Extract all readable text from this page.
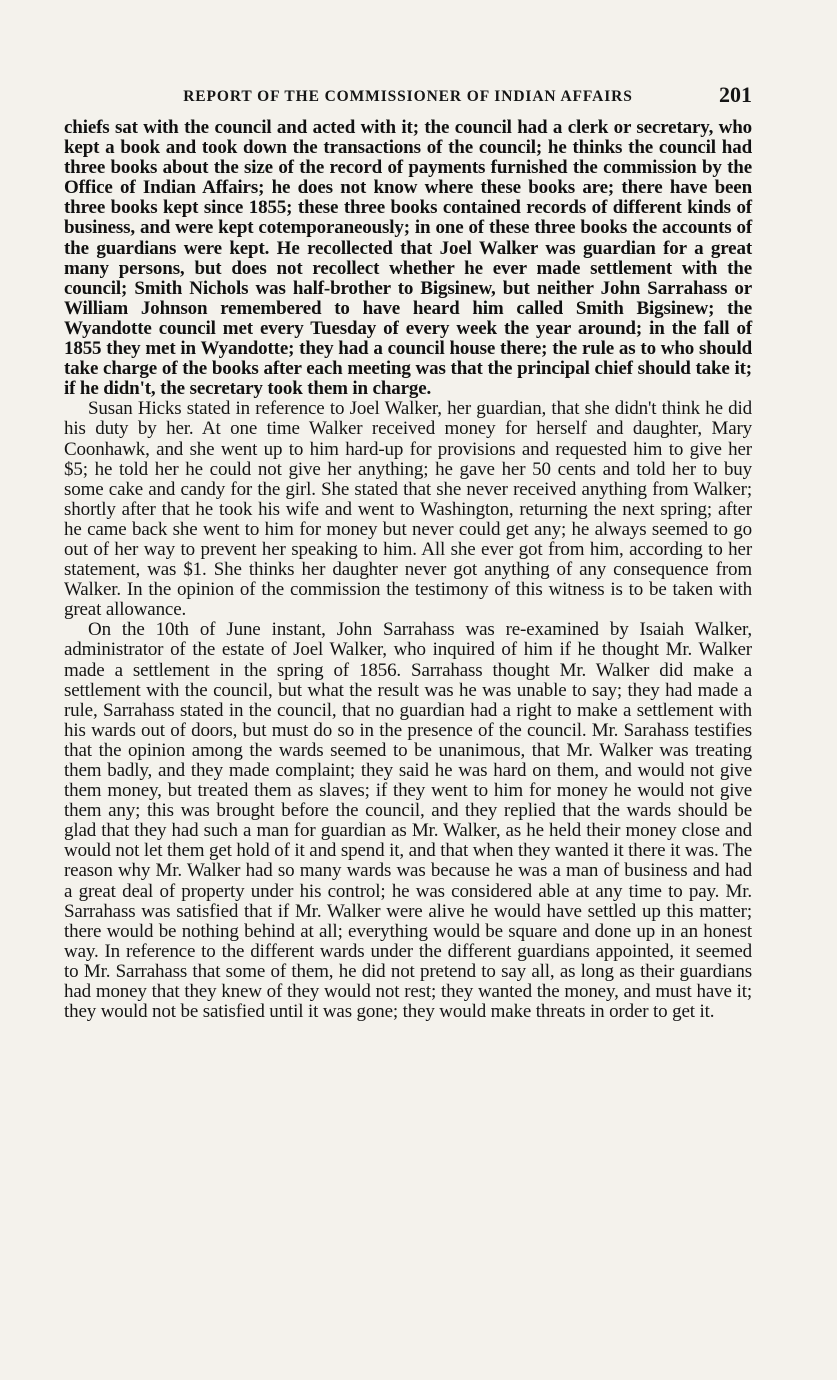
REPORT OF THE COMMISSIONER OF INDIAN AFFAIRS	201

chiefs sat with the council and acted with it; the council had a clerk or secretary, who kept a book and took down the transactions of the council; he thinks the council had three books about the size of the record of payments furnished the commission by the Office of Indian Affairs; he does not know where these books are; there have been three books kept since 1855; these three books contained records of different kinds of business, and were kept cotemporaneously; in one of these three books the accounts of the guardians were kept. He recollected that Joel Walker was guardian for a great many persons, but does not recollect whether he ever made settlement with the council; Smith Nichols was half-brother to Bigsinew, but neither John Sarrahass or William Johnson remembered to have heard him called Smith Bigsinew; the Wyandotte council met every Tuesday of every week the year around; in the fall of 1855 they met in Wyandotte; they had a council house there; the rule as to who should take charge of the books after each meeting was that the principal chief should take it; if he didn't, the secretary took them in charge.

Susan Hicks stated in reference to Joel Walker, her guardian, that she didn't think he did his duty by her. At one time Walker received money for herself and daughter, Mary Coonhawk, and she went up to him hard-up for provisions and requested him to give her $5; he told her he could not give her anything; he gave her 50 cents and told her to buy some cake and candy for the girl. She stated that she never received anything from Walker; shortly after that he took his wife and went to Washington, returning the next spring; after he came back she went to him for money but never could get any; he always seemed to go out of her way to prevent her speaking to him. All she ever got from him, according to her statement, was $1. She thinks her daughter never got anything of any consequence from Walker. In the opinion of the commission the testimony of this witness is to be taken with great allowance.

On the 10th of June instant, John Sarrahass was re-examined by Isaiah Walker, administrator of the estate of Joel Walker, who inquired of him if he thought Mr. Walker made a settlement in the spring of 1856. Sarrahass thought Mr. Walker did make a settlement with the council, but what the result was he was unable to say; they had made a rule, Sarrahass stated in the council, that no guardian had a right to make a settlement with his wards out of doors, but must do so in the presence of the council. Mr. Sarahass testifies that the opinion among the wards seemed to be unanimous, that Mr. Walker was treating them badly, and they made complaint; they said he was hard on them, and would not give them money, but treated them as slaves; if they went to him for money he would not give them any; this was brought before the council, and they replied that the wards should be glad that they had such a man for guardian as Mr. Walker, as he held their money close and would not let them get hold of it and spend it, and that when they wanted it there it was. The reason why Mr. Walker had so many wards was because he was a man of business and had a great deal of property under his control; he was considered able at any time to pay. Mr. Sarrahass was satisfied that if Mr. Walker were alive he would have settled up this matter; there would be nothing behind at all; everything would be square and done up in an honest way. In reference to the different wards under the different guardians appointed, it seemed to Mr. Sarrahass that some of them, he did not pretend to say all, as long as their guardians had money that they knew of they would not rest; they wanted the money, and must have it; they would not be satisfied until it was gone; they would make threats in order to get it.
